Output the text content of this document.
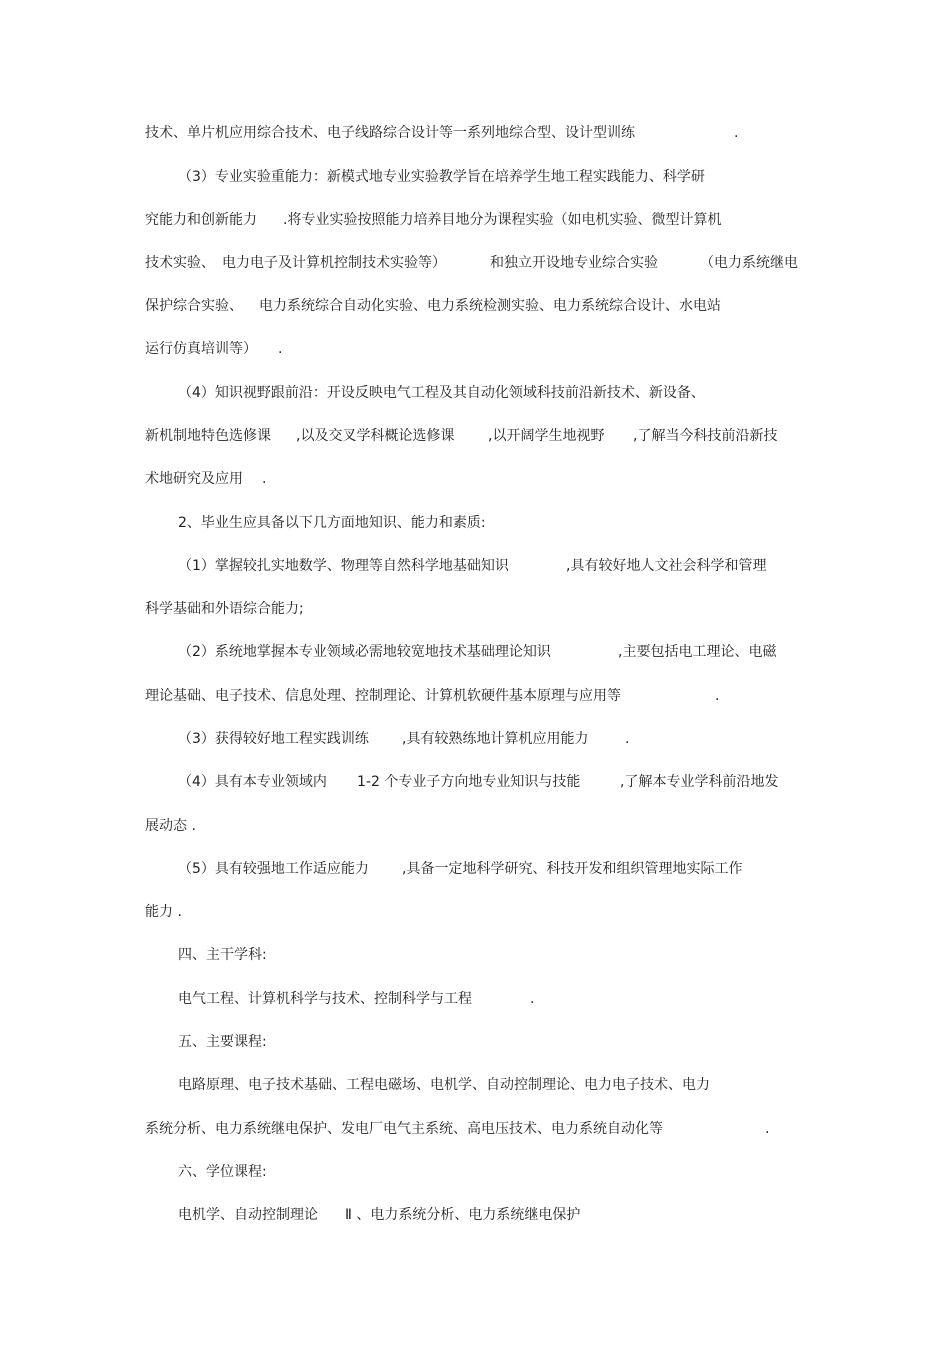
技术、单片机应用综合技术、电子线路综合设计等一系列地综合型、设计型训练	.
（3）专业实验重能力：新模式地专业实验教学旨在培养学生地工程实践能力、科学研
究能力和创新能力 .将专业实验按照能力培养目地分为课程实验（如电机实验、微型计算机
技术实验、 电力电子及计算机控制技术实验等）	和独立开设地专业综合实验	（电力系统继电
保护综合实验、 电力系统综合自动化实验、电力系统检测实验、电力系统综合设计、水电站
运行仿真培训等） .
（4）知识视野跟前沿：开设反映电气工程及其自动化领域科技前沿新技术、新设备、
新机制地特色选修课 ,以及交叉学科概论选修课 ,以开阔学生地视野 ,了解当今科技前沿新技
术地研究及应用 .
2、毕业生应具备以下几方面地知识、能力和素质:
（1）掌握较扎实地数学、物理等自然科学地基础知识	,具有较好地人文社会科学和管理
科学基础和外语综合能力;
（2）系统地掌握本专业领域必需地较宽地技术基础理论知识	,主要包括电工理论、电磁
理论基础、电子技术、信息处理、控制理论、计算机软硬件基本原理与应用等	.
（3）获得较好地工程实践训练 ,具有较熟练地计算机应用能力	.
（4）具有本专业领域内 1-2 个专业子方向地专业知识与技能	,了解本专业学科前沿地发
展动态 .
（5）具有较强地工作适应能力 ,具备一定地科学研究、科技开发和组织管理地实际工作
能力 .
四、主干学科:
电气工程、计算机科学与技术、控制科学与工程	.
五、主要课程:
电路原理、电子技术基础、工程电磁场、电机学、自动控制理论、电力电子技术、电力
系统分析、电力系统继电保护、发电厂电气主系统、高电压技术、电力系统自动化等	.
六、学位课程:
电机学、自动控制理论 Ⅱ 、电力系统分析、电力系统继电保护
